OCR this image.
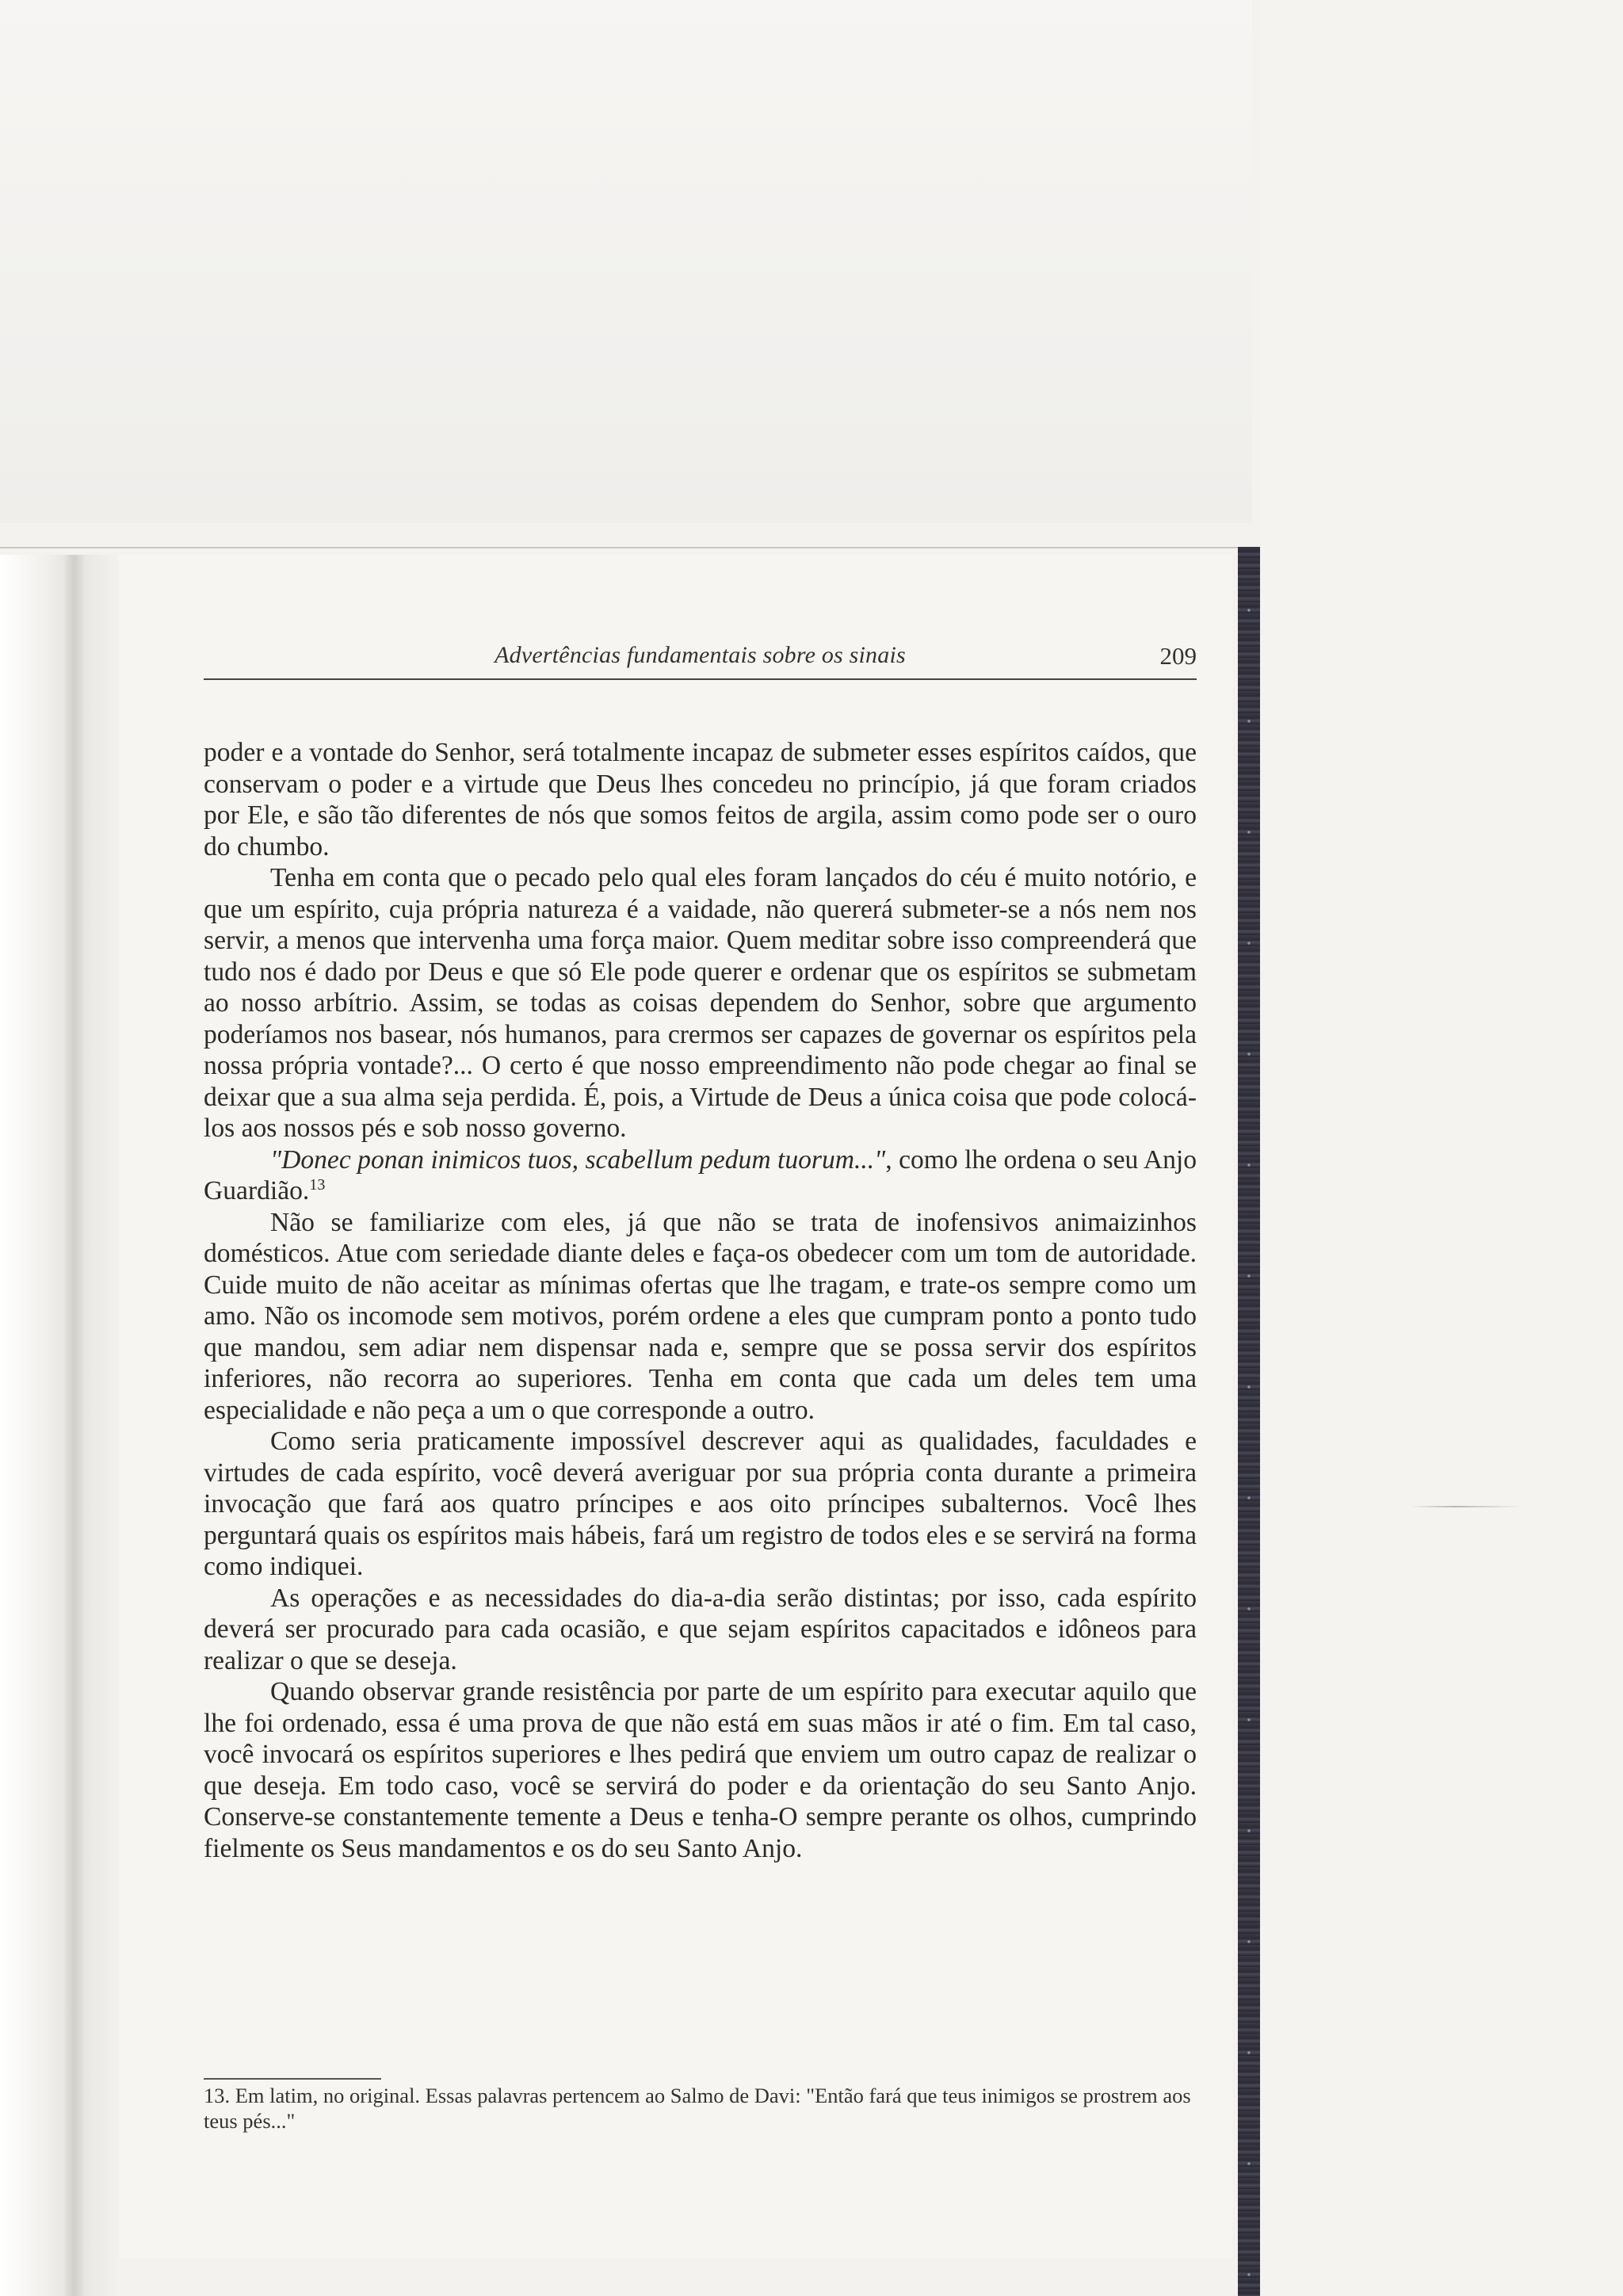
Advertências fundamentais sobre os sinais	209

poder e a vontade do Senhor, será totalmente incapaz de submeter esses espíritos caídos, que conservam o poder e a virtude que Deus lhes concedeu no princípio, já que foram criados por Ele, e são tão diferentes de nós que somos feitos de argila, assim como pode ser o ouro do chumbo.

Tenha em conta que o pecado pelo qual eles foram lançados do céu é muito notório, e que um espírito, cuja própria natureza é a vaidade, não quererá submeter-se a nós nem nos servir, a menos que intervenha uma força maior. Quem meditar sobre isso compreenderá que tudo nos é dado por Deus e que só Ele pode querer e ordenar que os espíritos se submetam ao nosso arbítrio. Assim, se todas as coisas dependem do Senhor, sobre que argumento poderíamos nos basear, nós humanos, para crermos ser capazes de governar os espíritos pela nossa própria vontade?... O certo é que nosso empreendimento não pode chegar ao final se deixar que a sua alma seja perdida. É, pois, a Virtude de Deus a única coisa que pode colocá-los aos nossos pés e sob nosso governo.

"Donec ponan inimicos tuos, scabellum pedum tuorum...", como lhe ordena o seu Anjo Guardião.$^{13}$

Não se familiarize com eles, já que não se trata de inofensivos animaizinhos domésticos. Atue com seriedade diante deles e faça-os obedecer com um tom de autoridade. Cuide muito de não aceitar as mínimas ofertas que lhe tragam, e trate-os sempre como um amo. Não os incomode sem motivos, porém ordene a eles que cumpram ponto a ponto tudo que mandou, sem adiar nem dispensar nada e, sempre que se possa servir dos espíritos inferiores, não recorra ao superiores. Tenha em conta que cada um deles tem uma especialidade e não peça a um o que corresponde a outro.

Como seria praticamente impossível descrever aqui as qualidades, faculdades e virtudes de cada espírito, você deverá averiguar por sua própria conta durante a primeira invocação que fará aos quatro príncipes e aos oito príncipes subalternos. Você lhes perguntará quais os espíritos mais hábeis, fará um registro de todos eles e se servirá na forma como indiquei.

As operações e as necessidades do dia-a-dia serão distintas; por isso, cada espírito deverá ser procurado para cada ocasião, e que sejam espíritos capacitados e idôneos para realizar o que se deseja.

Quando observar grande resistência por parte de um espírito para executar aquilo que lhe foi ordenado, essa é uma prova de que não está em suas mãos ir até o fim. Em tal caso, você invocará os espíritos superiores e lhes pedirá que enviem um outro capaz de realizar o que deseja. Em todo caso, você se servirá do poder e da orientação do seu Santo Anjo. Conserve-se constantemente temente a Deus e tenha-O sempre perante os olhos, cumprindo fielmente os Seus mandamentos e os do seu Santo Anjo.

13. Em latim, no original. Essas palavras pertencem ao Salmo de Davi: "Então fará que teus inimigos se prostrem aos teus pés..."
